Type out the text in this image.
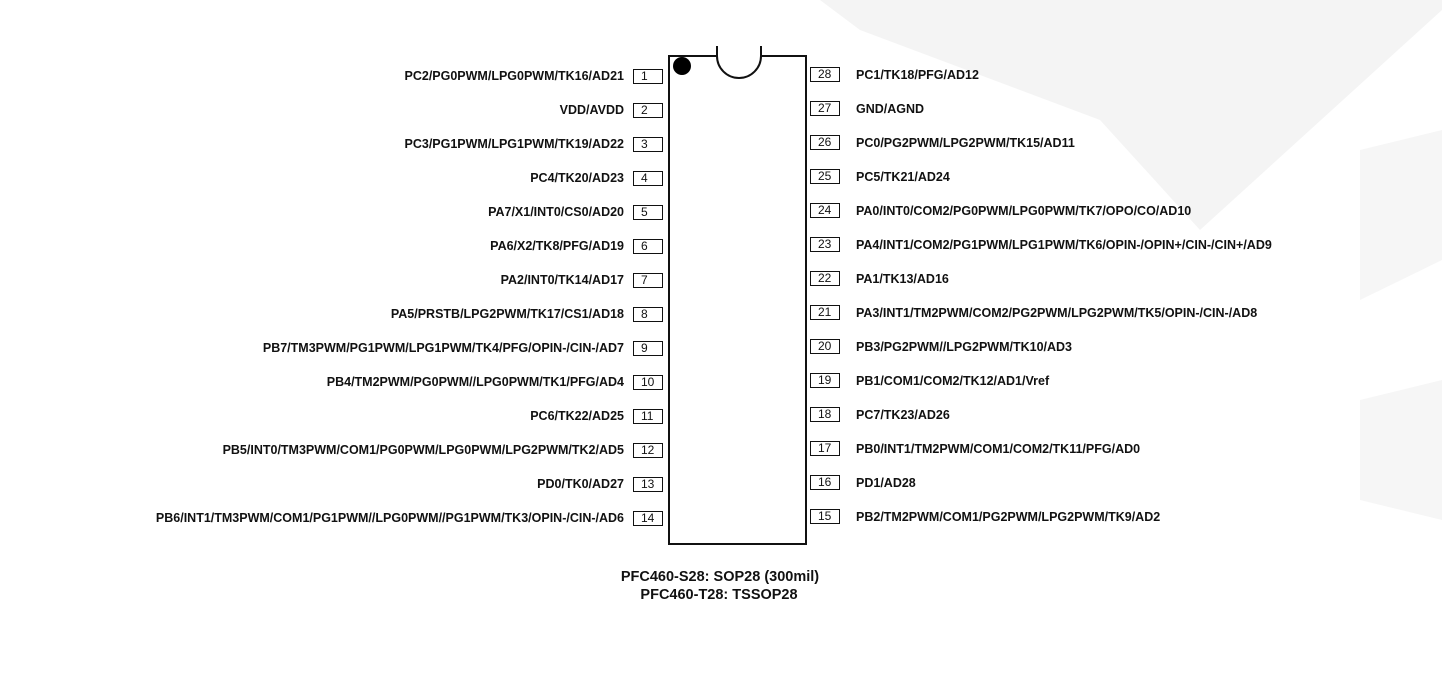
PC2/PG0PWM/LPG0PWM/TK16/AD21	1
VDD/AVDD	2
PC3/PG1PWM/LPG1PWM/TK19/AD22	3
PC4/TK20/AD23	4
PA7/X1/INT0/CS0/AD20	5
PA6/X2/TK8/PFG/AD19	6
PA2/INT0/TK14/AD17	7
PA5/PRSTB/LPG2PWM/TK17/CS1/AD18	8
PB7/TM3PWM/PG1PWM/LPG1PWM/TK4/PFG/OPIN-/CIN-/AD7	9
PB4/TM2PWM/PG0PWM//LPG0PWM/TK1/PFG/AD4	10
PC6/TK22/AD25	11
PB5/INT0/TM3PWM/COM1/PG0PWM/LPG0PWM/LPG2PWM/TK2/AD5	12
PD0/TK0/AD27	13
PB6/INT1/TM3PWM/COM1/PG1PWM//LPG0PWM//PG1PWM/TK3/OPIN-/CIN-/AD6	14
28	PC1/TK18/PFG/AD12
27	GND/AGND
26	PC0/PG2PWM/LPG2PWM/TK15/AD11
25	PC5/TK21/AD24
24	PA0/INT0/COM2/PG0PWM/LPG0PWM/TK7/OPO/CO/AD10
23	PA4/INT1/COM2/PG1PWM/LPG1PWM/TK6/OPIN-/OPIN+/CIN-/CIN+/AD9
22	PA1/TK13/AD16
21	PA3/INT1/TM2PWM/COM2/PG2PWM/LPG2PWM/TK5/OPIN-/CIN-/AD8
20	PB3/PG2PWM//LPG2PWM/TK10/AD3
19	PB1/COM1/COM2/TK12/AD1/Vref
18	PC7/TK23/AD26
17	PB0/INT1/TM2PWM/COM1/COM2/TK11/PFG/AD0
16	PD1/AD28
15	PB2/TM2PWM/COM1/PG2PWM/LPG2PWM/TK9/AD2
PFC460-S28: SOP28 (300mil)
PFC460-T28: TSSOP28
